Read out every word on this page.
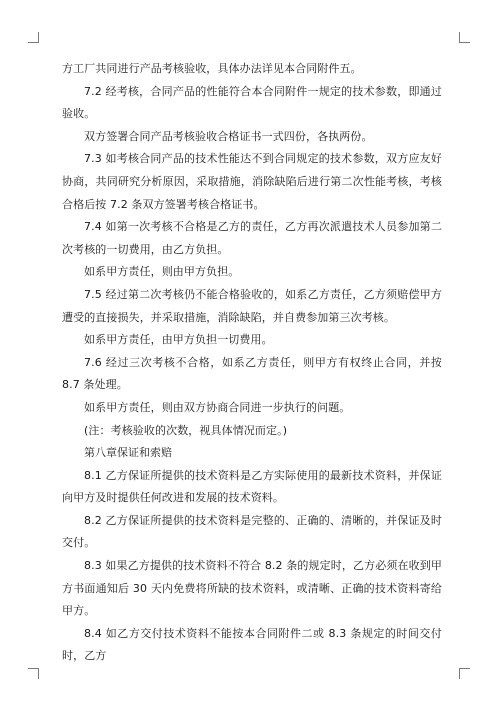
方工厂共同进行产品考核验收，具体办法详见本合同附件五。

7.2 经考核，合同产品的性能符合本合同附件一规定的技术参数，即通过验收。

双方签署合同产品考核验收合格证书一式四份，各执两份。

7.3 如考核合同产品的技术性能达不到合同规定的技术参数，双方应友好协商，共同研究分析原因，采取措施，消除缺陷后进行第二次性能考核，考核合格后按 7.2 条双方签署考核合格证书。

7.4 如第一次考核不合格是乙方的责任，乙方再次派遣技术人员参加第二次考核的一切费用，由乙方负担。

如系甲方责任，则由甲方负担。

7.5 经过第二次考核仍不能合格验收的，如系乙方责任，乙方须赔偿甲方遭受的直接损失，并采取措施，消除缺陷，并自费参加第三次考核。

如系甲方责任，由甲方负担一切费用。

7.6 经过三次考核不合格，如系乙方责任，则甲方有权终止合同，并按 8.7 条处理。

如系甲方责任，则由双方协商合同进一步执行的问题。

(注：考核验收的次数，视具体情况而定。)

第八章保证和索赔

8.1 乙方保证所提供的技术资料是乙方实际使用的最新技术资料，并保证向甲方及时提供任何改进和发展的技术资料。

8.2 乙方保证所提供的技术资料是完整的、正确的、清晰的，并保证及时交付。

8.3 如果乙方提供的技术资料不符合 8.2 条的规定时，乙方必须在收到甲方书面通知后 30 天内免费将所缺的技术资料，或清晰、正确的技术资料寄给甲方。

8.4 如乙方交付技术资料不能按本合同附件二或 8.3 条规定的时间交付时，乙方
